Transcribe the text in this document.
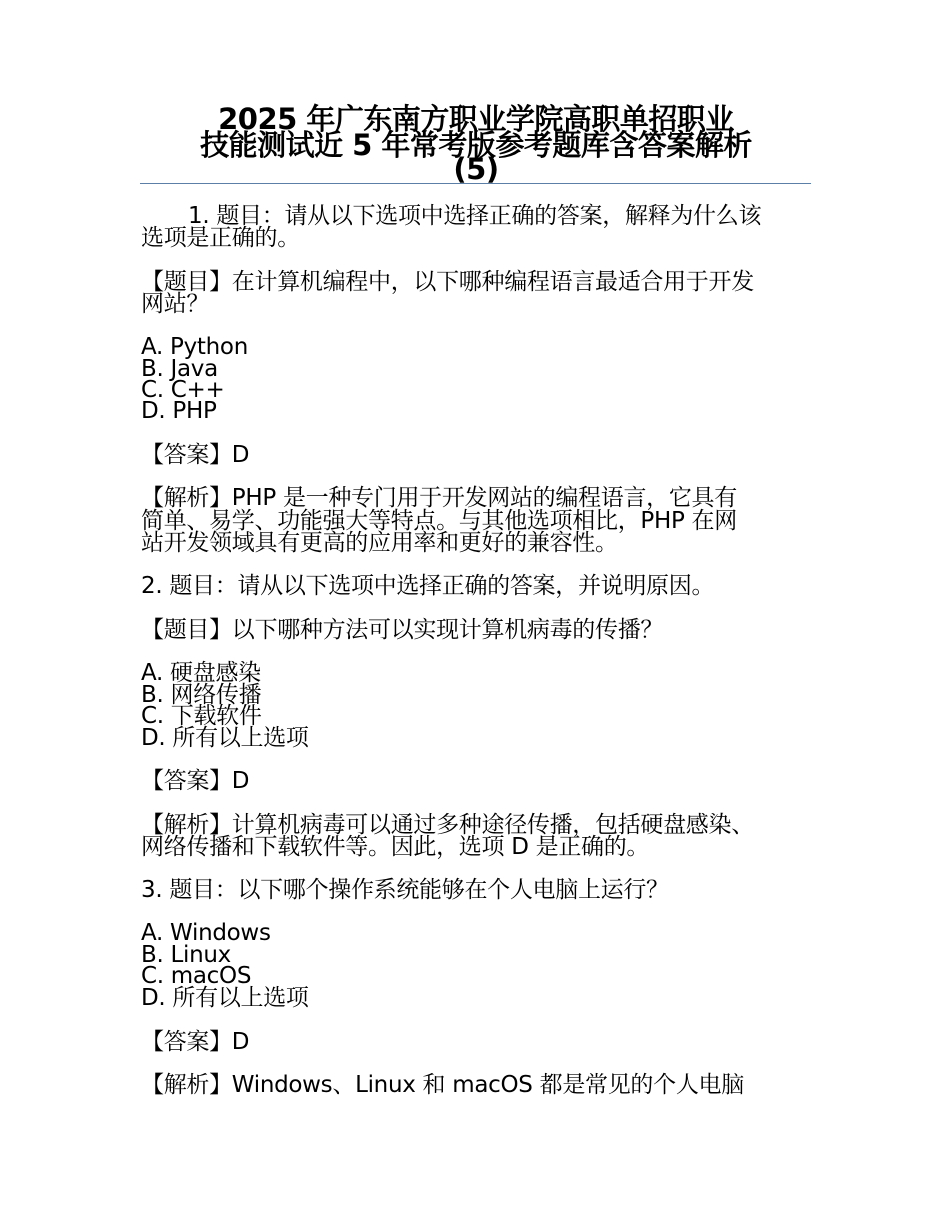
2025 年广东南方职业学院高职单招职业
技能测试近 5 年常考版参考题库含答案解析
(5)
1. 题目：请从以下选项中选择正确的答案，解释为什么该
选项是正确的。
【题目】在计算机编程中，以下哪种编程语言最适合用于开发
网站？
A. Python
B. Java
C. C++
D. PHP
【答案】D
【解析】PHP 是一种专门用于开发网站的编程语言，它具有
简单、易学、功能强大等特点。与其他选项相比，PHP 在网
站开发领域具有更高的应用率和更好的兼容性。
2. 题目：请从以下选项中选择正确的答案，并说明原因。
【题目】以下哪种方法可以实现计算机病毒的传播？
A. 硬盘感染
B. 网络传播
C. 下载软件
D. 所有以上选项
【答案】D
【解析】计算机病毒可以通过多种途径传播，包括硬盘感染、
网络传播和下载软件等。因此，选项 D 是正确的。
3. 题目：以下哪个操作系统能够在个人电脑上运行？
A. Windows
B. Linux
C. macOS
D. 所有以上选项
【答案】D
【解析】Windows、Linux 和 macOS 都是常见的个人电脑
